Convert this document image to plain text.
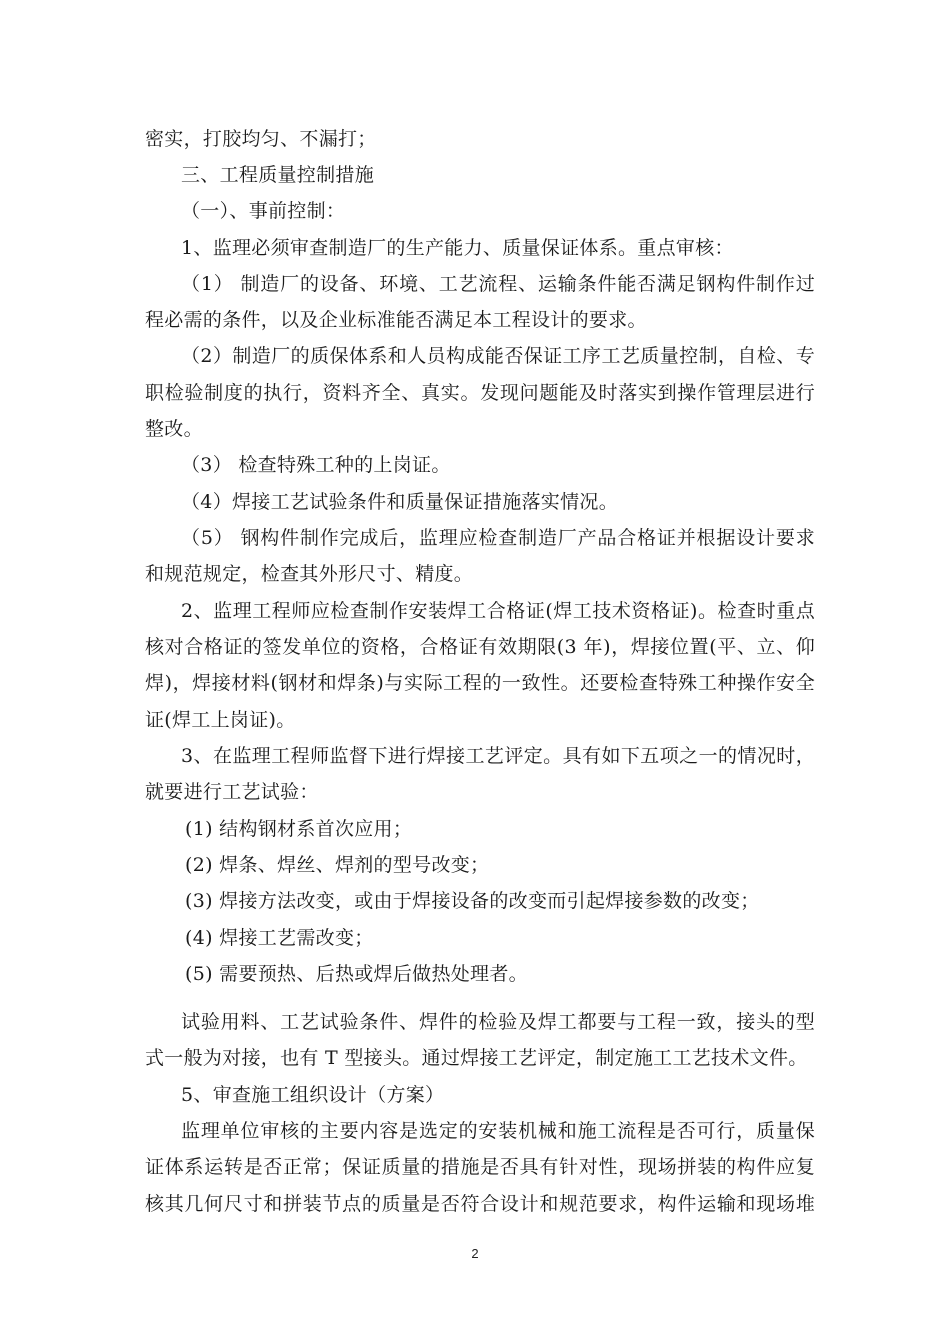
密实，打胶均匀、不漏打；
三、工程质量控制措施
（一）、事前控制：
1、监理必须审查制造厂的生产能力、质量保证体系。重点审核：
（1） 制造厂的设备、环境、工艺流程、运输条件能否满足钢构件制作过
程必需的条件，以及企业标准能否满足本工程设计的要求。
（2）制造厂的质保体系和人员构成能否保证工序工艺质量控制，自检、专
职检验制度的执行，资料齐全、真实。发现问题能及时落实到操作管理层进行
整改。
（3） 检查特殊工种的上岗证。
（4）焊接工艺试验条件和质量保证措施落实情况。
（5） 钢构件制作完成后，监理应检查制造厂产品合格证并根据设计要求
和规范规定，检查其外形尺寸、精度。
2、监理工程师应检查制作安装焊工合格证(焊工技术资格证)。检查时重点
核对合格证的签发单位的资格，合格证有效期限(3 年)，焊接位置(平、立、仰
焊)，焊接材料(钢材和焊条)与实际工程的一致性。还要检查特殊工种操作安全
证(焊工上岗证)。
3、在监理工程师监督下进行焊接工艺评定。具有如下五项之一的情况时，
就要进行工艺试验：
(1) 结构钢材系首次应用；
(2) 焊条、焊丝、焊剂的型号改变；
(3) 焊接方法改变，或由于焊接设备的改变而引起焊接参数的改变；
(4) 焊接工艺需改变；
(5) 需要预热、后热或焊后做热处理者。
试验用料、工艺试验条件、焊件的检验及焊工都要与工程一致，接头的型
式一般为对接，也有 T 型接头。通过焊接工艺评定，制定施工工艺技术文件。
5、审查施工组织设计（方案）
监理单位审核的主要内容是选定的安装机械和施工流程是否可行，质量保
证体系运转是否正常；保证质量的措施是否具有针对性，现场拼装的构件应复
核其几何尺寸和拼装节点的质量是否符合设计和规范要求，构件运输和现场堆
2
